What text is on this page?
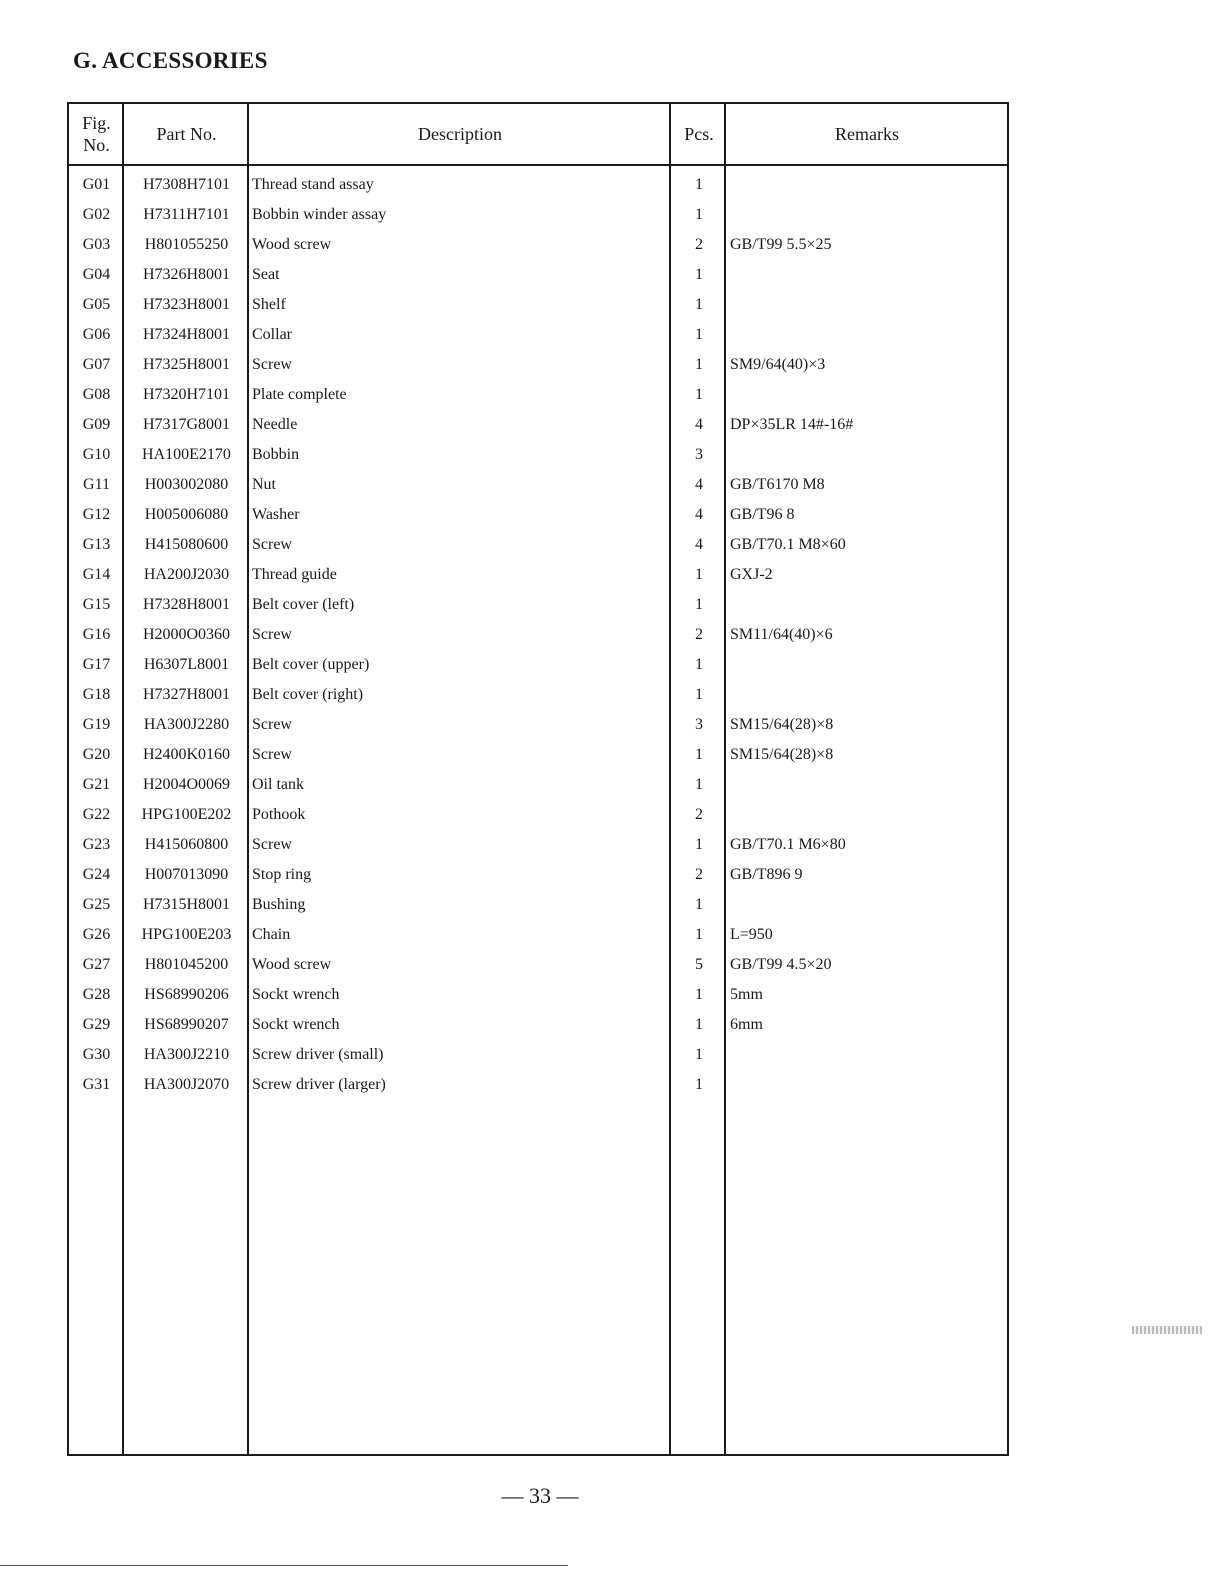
G. ACCESSORIES
Fig.
No.	Part No.	Description	Pcs.	Remarks
G01	H7308H7101	Thread stand assay	1	
G02	H7311H7101	Bobbin winder assay	1	
G03	H801055250	Wood screw	2	GB/T99 5.5×25
G04	H7326H8001	Seat	1	
G05	H7323H8001	Shelf	1	
G06	H7324H8001	Collar	1	
G07	H7325H8001	Screw	1	SM9/64(40)×3
G08	H7320H7101	Plate complete	1	
G09	H7317G8001	Needle	4	DP×35LR 14#-16#
G10	HA100E2170	Bobbin	3	
G11	H003002080	Nut	4	GB/T6170 M8
G12	H005006080	Washer	4	GB/T96 8
G13	H415080600	Screw	4	GB/T70.1 M8×60
G14	HA200J2030	Thread guide	1	GXJ-2
G15	H7328H8001	Belt cover (left)	1	
G16	H2000O0360	Screw	2	SM11/64(40)×6
G17	H6307L8001	Belt cover (upper)	1	
G18	H7327H8001	Belt cover (right)	1	
G19	HA300J2280	Screw	3	SM15/64(28)×8
G20	H2400K0160	Screw	1	SM15/64(28)×8
G21	H2004O0069	Oil tank	1	
G22	HPG100E202	Pothook	2	
G23	H415060800	Screw	1	GB/T70.1 M6×80
G24	H007013090	Stop ring	2	GB/T896 9
G25	H7315H8001	Bushing	1	
G26	HPG100E203	Chain	1	L=950
G27	H801045200	Wood screw	5	GB/T99 4.5×20
G28	HS68990206	Sockt wrench	1	5mm
G29	HS68990207	Sockt wrench	1	6mm
G30	HA300J2210	Screw driver (small)	1	
G31	HA300J2070	Screw driver (larger)	1	
— 33 —
